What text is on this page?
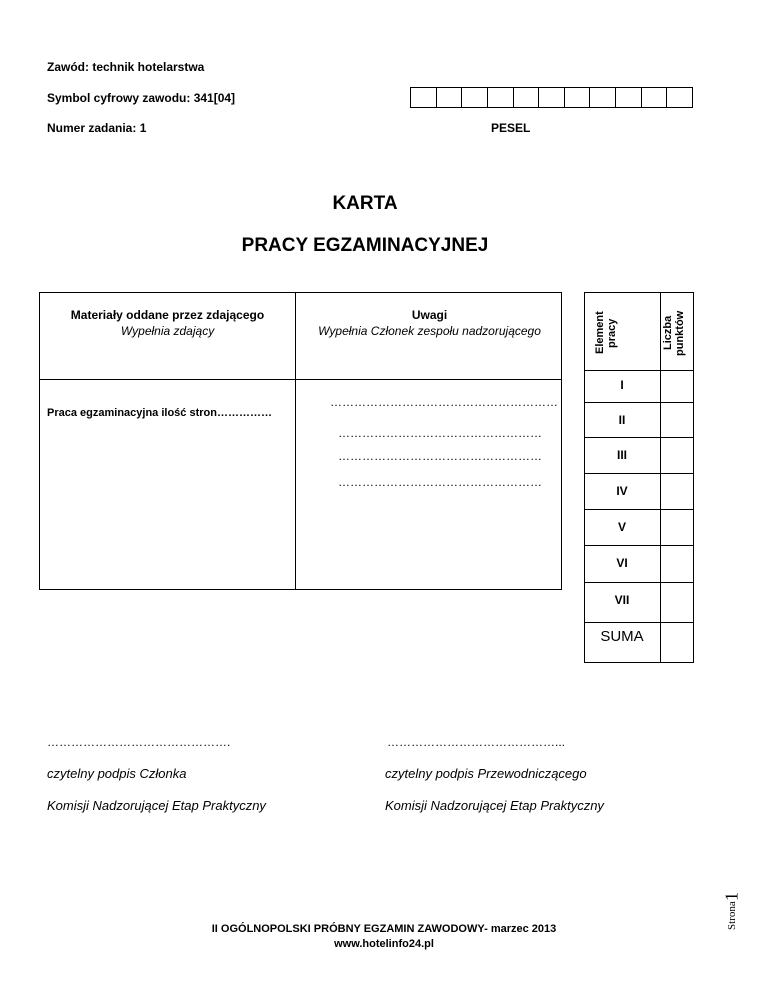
Zawód: technik hotelarstwa
Symbol cyfrowy zawodu: 341[04]
Numer zadania: 1	PESEL
KARTA
PRACY EGZAMINACYJNEJ
Materiały oddane przez zdającego
Wypełnia zdający
Uwagi
Wypełnia Członek zespołu nadzorującego
Praca egzaminacyjna ilość stron……………
…………………………………………………
……………………………………………
……………………………………………
……………………………………………
Element pracy	Liczba punktów
I
II
III
IV
V
VI
VII
SUMA
……………………………………….	……………………………………...
czytelny podpis Członka	czytelny podpis Przewodniczącego
Komisji Nadzorującej Etap Praktyczny	Komisji Nadzorującej Etap Praktyczny
Strona
1
II OGÓLNOPOLSKI PRÓBNY EGZAMIN ZAWODOWY- marzec 2013
www.hotelinfo24.pl
